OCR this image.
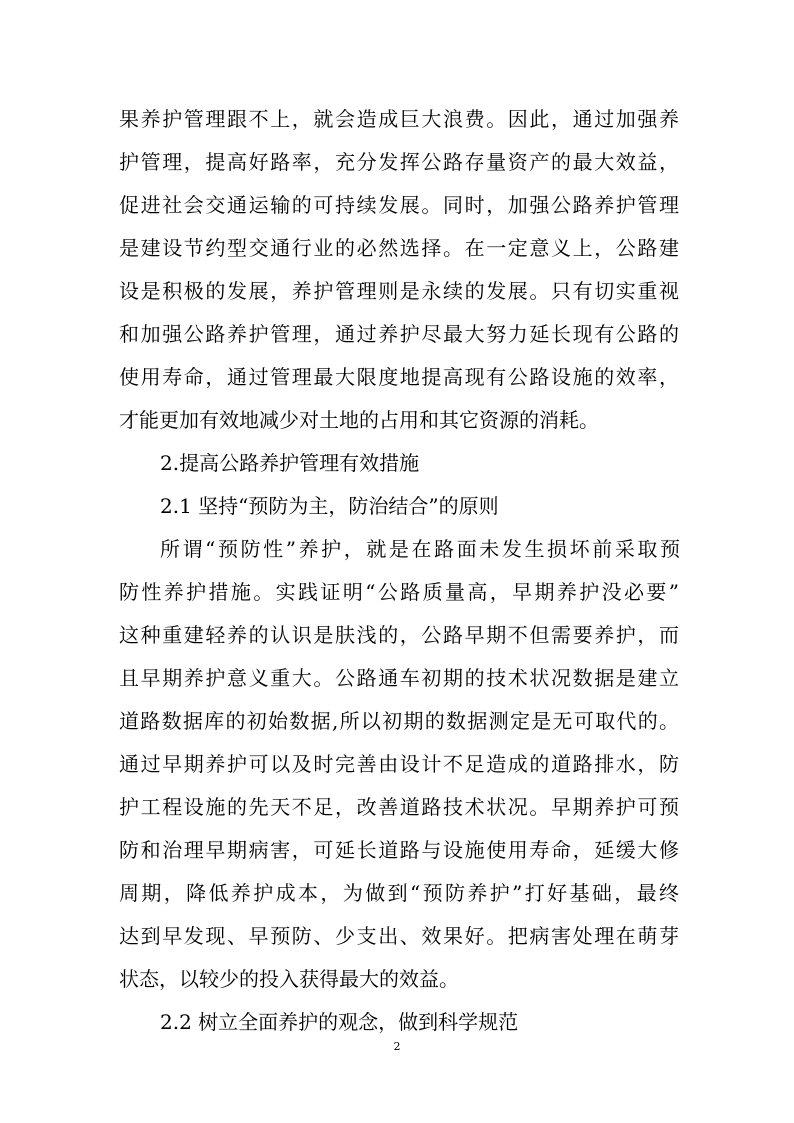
果养护管理跟不上，就会造成巨大浪费。因此，通过加强养
护管理，提高好路率，充分发挥公路存量资产的最大效益，
促进社会交通运输的可持续发展。同时，加强公路养护管理
是建设节约型交通行业的必然选择。在一定意义上，公路建
设是积极的发展，养护管理则是永续的发展。只有切实重视
和加强公路养护管理，通过养护尽最大努力延长现有公路的
使用寿命，通过管理最大限度地提高现有公路设施的效率，
才能更加有效地减少对土地的占用和其它资源的消耗。
2.提高公路养护管理有效措施
2.1 坚持“预防为主，防治结合”的原则
所谓“预防性”养护，就是在路面未发生损坏前采取预
防性养护措施。实践证明“公路质量高，早期养护没必要”
这种重建轻养的认识是肤浅的，公路早期不但需要养护，而
且早期养护意义重大。公路通车初期的技术状况数据是建立
道路数据库的初始数据,所以初期的数据测定是无可取代的。
通过早期养护可以及时完善由设计不足造成的道路排水，防
护工程设施的先天不足，改善道路技术状况。早期养护可预
防和治理早期病害，可延长道路与设施使用寿命，延缓大修
周期，降低养护成本，为做到“预防养护”打好基础，最终
达到早发现、早预防、少支出、效果好。把病害处理在萌芽
状态，以较少的投入获得最大的效益。
2.2 树立全面养护的观念，做到科学规范
2
